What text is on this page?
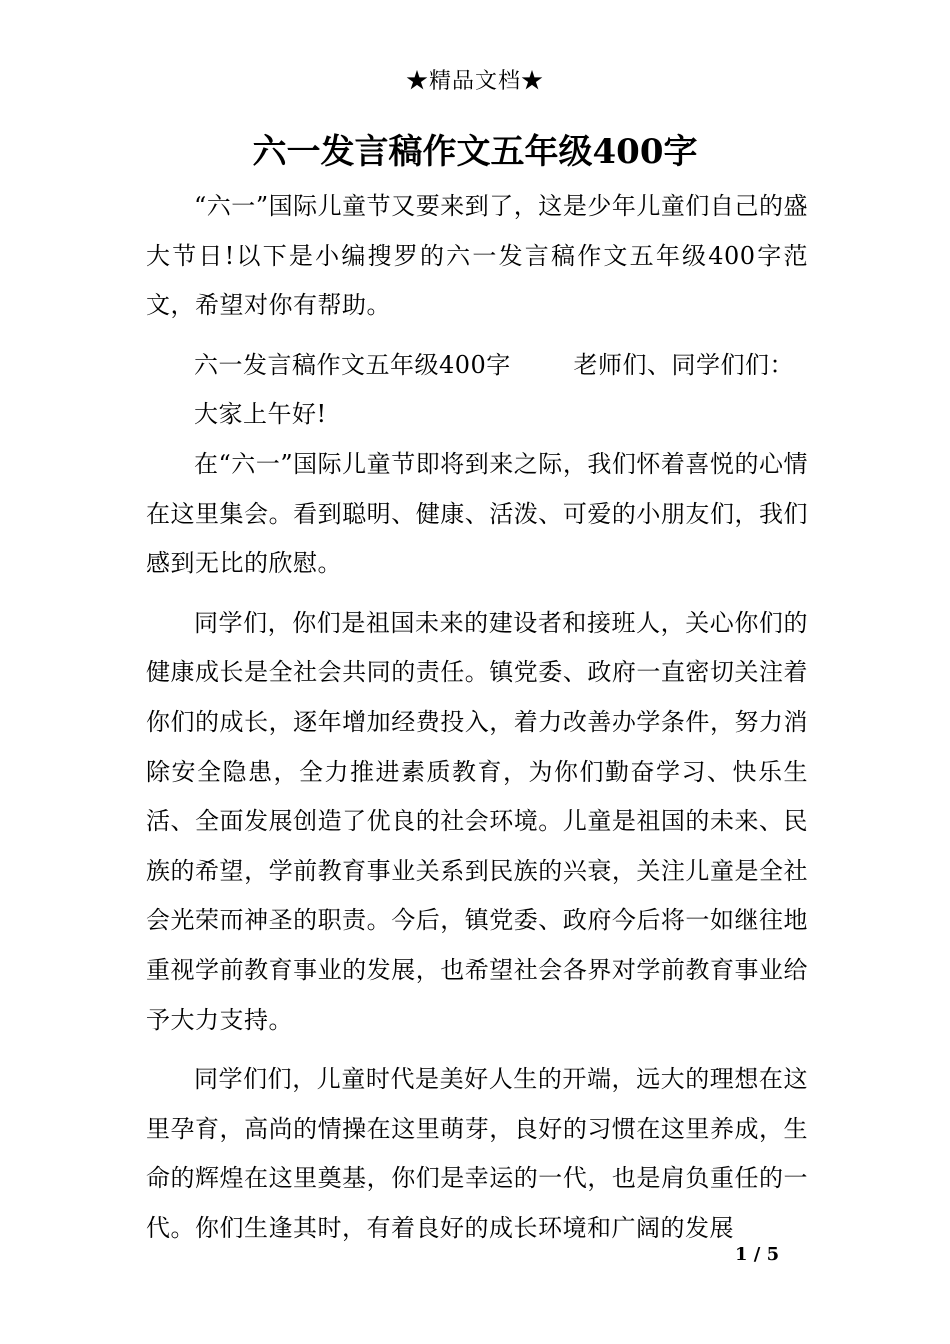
★精品文档★
六一发言稿作文五年级400字

“六一”国际儿童节又要来到了，这是少年儿童们自己的盛大节日!以下是小编搜罗的六一发言稿作文五年级400字范文，希望对你有帮助。

六一发言稿作文五年级400字	老师们、同学们们：

大家上午好!

在“六一”国际儿童节即将到来之际，我们怀着喜悦的心情在这里集会。看到聪明、健康、活泼、可爱的小朋友们，我们感到无比的欣慰。

同学们，你们是祖国未来的建设者和接班人，关心你们的健康成长是全社会共同的责任。镇党委、政府一直密切关注着你们的成长，逐年增加经费投入，着力改善办学条件，努力消除安全隐患，全力推进素质教育，为你们勤奋学习、快乐生活、全面发展创造了优良的社会环境。儿童是祖国的未来、民族的希望，学前教育事业关系到民族的兴衰，关注儿童是全社会光荣而神圣的职责。今后，镇党委、政府今后将一如继往地重视学前教育事业的发展，也希望社会各界对学前教育事业给予大力支持。

同学们们，儿童时代是美好人生的开端，远大的理想在这里孕育，高尚的情操在这里萌芽，良好的习惯在这里养成，生命的辉煌在这里奠基，你们是幸运的一代，也是肩负重任的一代。你们生逢其时，有着良好的成长环境和广阔的发展

1 / 5
